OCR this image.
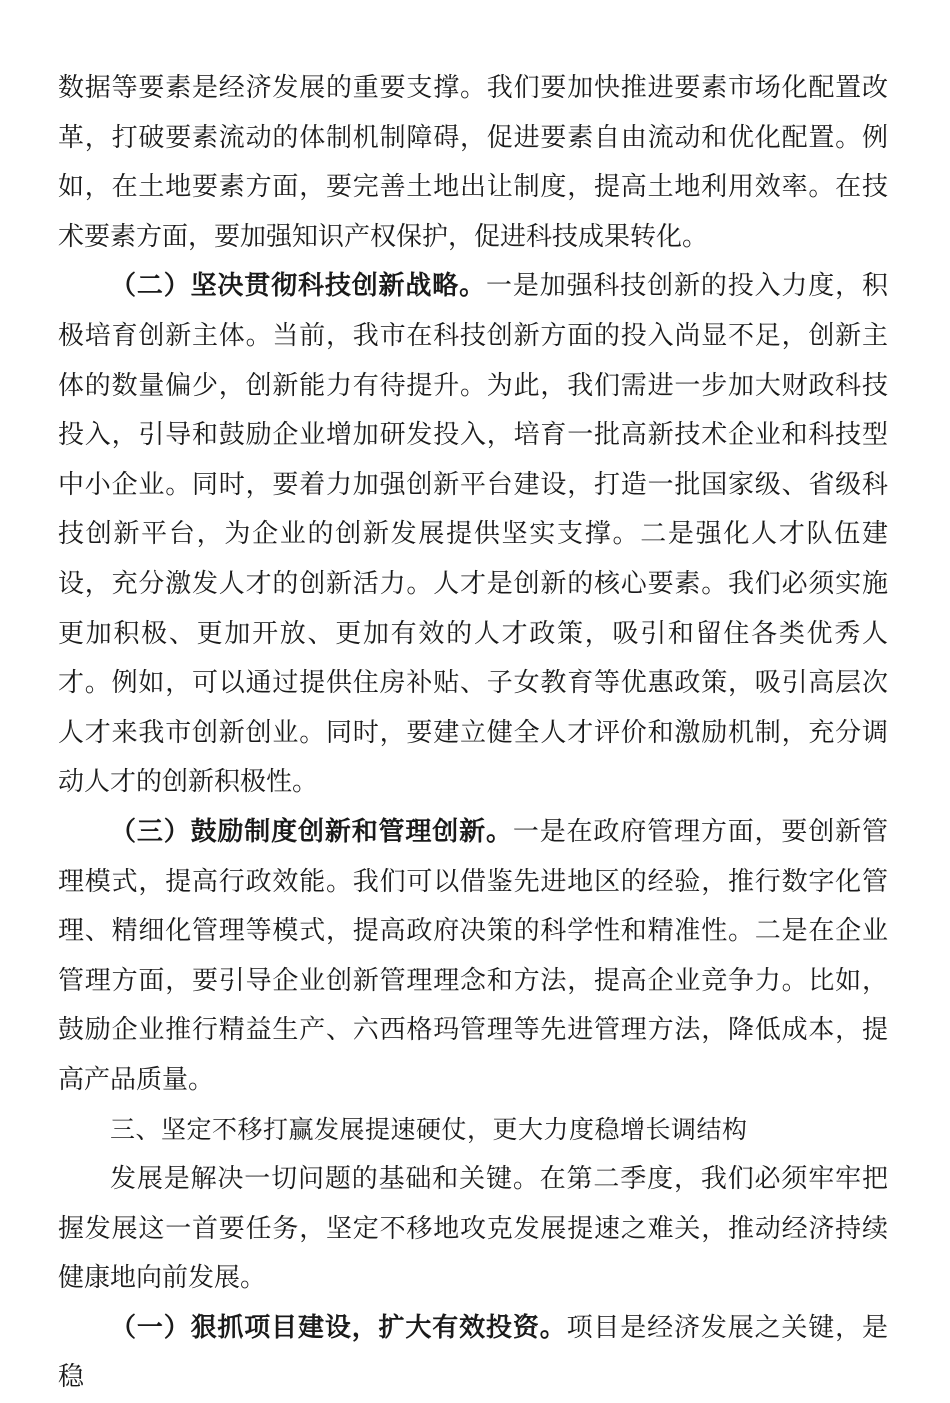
数据等要素是经济发展的重要支撑。我们要加快推进要素市场化配置改革，打破要素流动的体制机制障碍，促进要素自由流动和优化配置。例如，在土地要素方面，要完善土地出让制度，提高土地利用效率。在技术要素方面，要加强知识产权保护，促进科技成果转化。

（二）坚决贯彻科技创新战略。一是加强科技创新的投入力度，积极培育创新主体。当前，我市在科技创新方面的投入尚显不足，创新主体的数量偏少，创新能力有待提升。为此，我们需进一步加大财政科技投入，引导和鼓励企业增加研发投入，培育一批高新技术企业和科技型中小企业。同时，要着力加强创新平台建设，打造一批国家级、省级科技创新平台，为企业的创新发展提供坚实支撑。二是强化人才队伍建设，充分激发人才的创新活力。人才是创新的核心要素。我们必须实施更加积极、更加开放、更加有效的人才政策，吸引和留住各类优秀人才。例如，可以通过提供住房补贴、子女教育等优惠政策，吸引高层次人才来我市创新创业。同时，要建立健全人才评价和激励机制，充分调动人才的创新积极性。

（三）鼓励制度创新和管理创新。一是在政府管理方面，要创新管理模式，提高行政效能。我们可以借鉴先进地区的经验，推行数字化管理、精细化管理等模式，提高政府决策的科学性和精准性。二是在企业管理方面，要引导企业创新管理理念和方法，提高企业竞争力。比如，鼓励企业推行精益生产、六西格玛管理等先进管理方法，降低成本，提高产品质量。

三、坚定不移打赢发展提速硬仗，更大力度稳增长调结构

发展是解决一切问题的基础和关键。在第二季度，我们必须牢牢把握发展这一首要任务，坚定不移地攻克发展提速之难关，推动经济持续健康地向前发展。

（一）狠抓项目建设，扩大有效投资。项目是经济发展之关键，是稳
